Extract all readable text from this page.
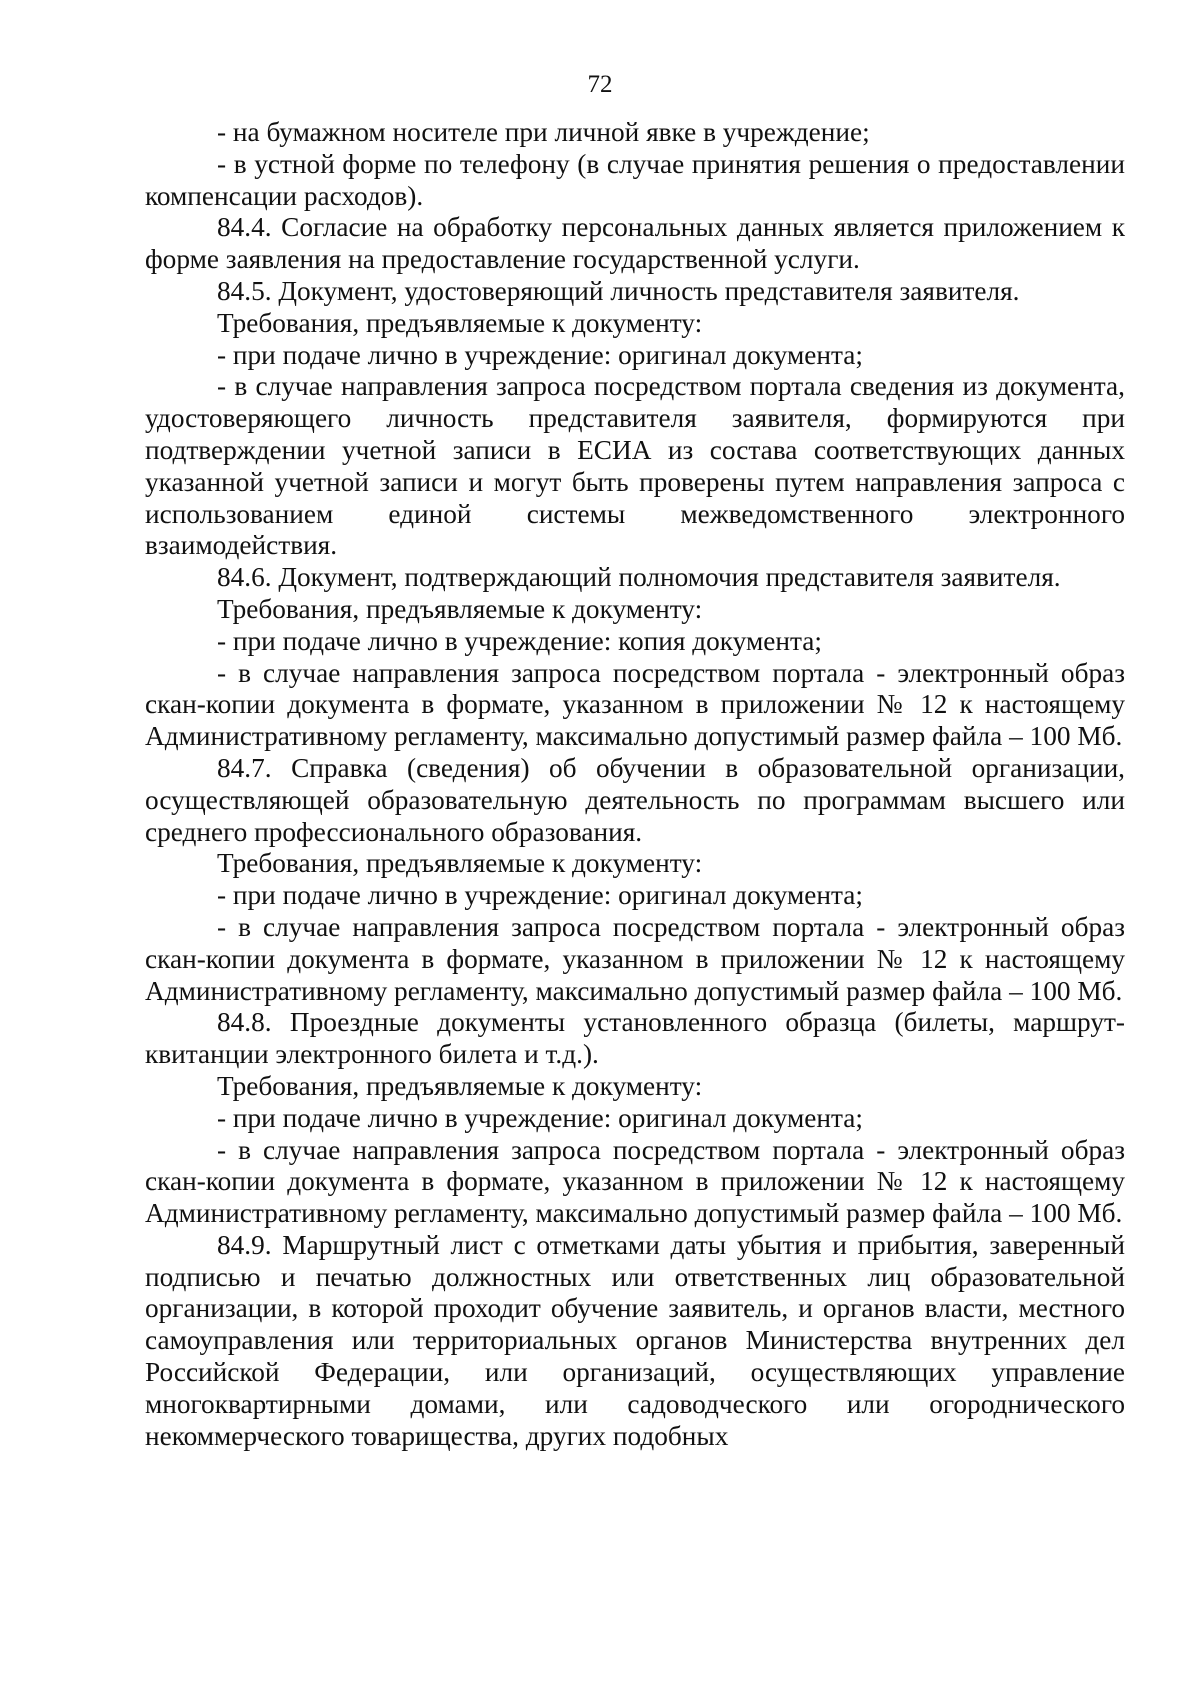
72

- на бумажном носителе при личной явке в учреждение;

- в устной форме по телефону (в случае принятия решения о предоставлении компенсации расходов).

84.4. Согласие на обработку персональных данных является приложением к форме заявления на предоставление государственной услуги.

84.5. Документ, удостоверяющий личность представителя заявителя.

Требования, предъявляемые к документу:

- при подаче лично в учреждение: оригинал документа;

- в случае направления запроса посредством портала сведения из документа, удостоверяющего личность представителя заявителя, формируются при подтверждении учетной записи в ЕСИА из состава соответствующих данных указанной учетной записи и могут быть проверены путем направления запроса с использованием единой системы межведомственного электронного взаимодействия.

84.6. Документ, подтверждающий полномочия представителя заявителя.

Требования, предъявляемые к документу:

- при подаче лично в учреждение: копия документа;

- в случае направления запроса посредством портала - электронный образ скан-копии документа в формате, указанном в приложении № 12 к настоящему Административному регламенту, максимально допустимый размер файла – 100 Мб.

84.7. Справка (сведения) об обучении в образовательной организации, осуществляющей образовательную деятельность по программам высшего или среднего профессионального образования.

Требования, предъявляемые к документу:

- при подаче лично в учреждение: оригинал документа;

- в случае направления запроса посредством портала - электронный образ скан-копии документа в формате, указанном в приложении № 12 к настоящему Административному регламенту, максимально допустимый размер файла – 100 Мб.

84.8. Проездные документы установленного образца (билеты, маршрут-квитанции электронного билета и т.д.).

Требования, предъявляемые к документу:

- при подаче лично в учреждение: оригинал документа;

- в случае направления запроса посредством портала - электронный образ скан-копии документа в формате, указанном в приложении № 12 к настоящему Административному регламенту, максимально допустимый размер файла – 100 Мб.

84.9. Маршрутный лист с отметками даты убытия и прибытия, заверенный подписью и печатью должностных или ответственных лиц образовательной организации, в которой проходит обучение заявитель, и органов власти, местного самоуправления или территориальных органов Министерства внутренних дел Российской Федерации, или организаций, осуществляющих управление многоквартирными домами, или садоводческого или огороднического некоммерческого товарищества, других подобных
